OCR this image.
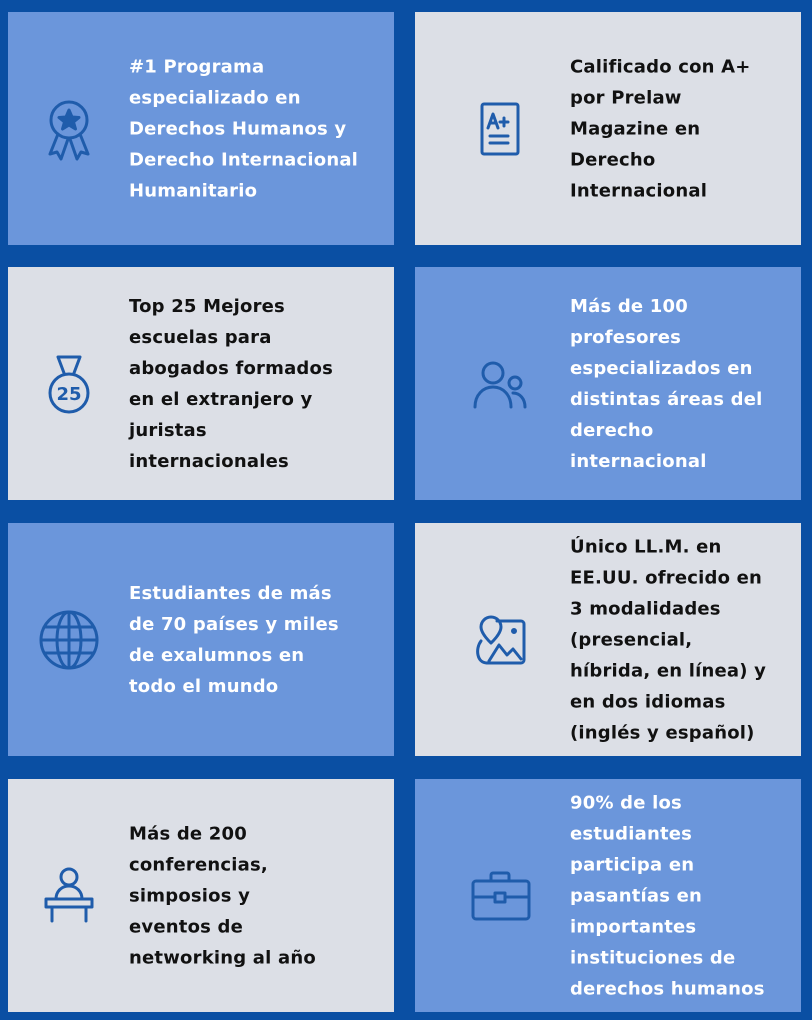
#1 Programa
especializado en
Derechos Humanos y
Derecho Internacional
Humanitario
Calificado con A+
por Prelaw
Magazine en
Derecho
Internacional
25
Top 25 Mejores
escuelas para
abogados formados
en el extranjero y
juristas
internacionales
Más de 100
profesores
especializados en
distintas áreas del
derecho
internacional
Estudiantes de más
de 70 países y miles
de exalumnos en
todo el mundo
Único LL.M. en
EE.UU. ofrecido en
3 modalidades
(presencial,
híbrida, en línea) y
en dos idiomas
(inglés y español)
Más de 200
conferencias,
simposios y
eventos de
networking al año
90% de los
estudiantes
participa en
pasantías en
importantes
instituciones de
derechos humanos
